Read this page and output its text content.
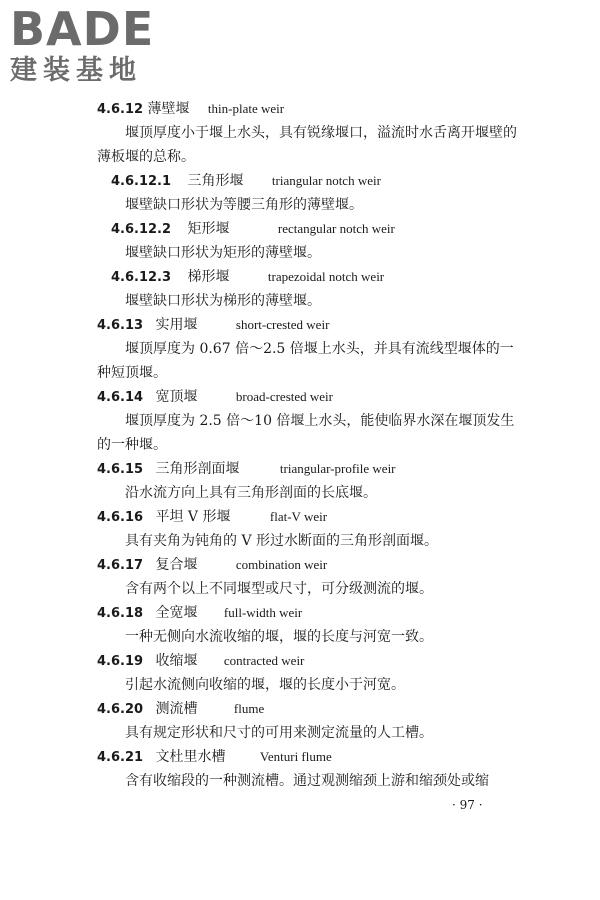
BADE
建装基地
4.6.12 薄壁堰 thin-plate weir
堰顶厚度小于堰上水头，具有锐缘堰口，溢流时水舌离开堰壁的薄板堰的总称。
4.6.12.1 三角形堰 triangular notch weir
堰壁缺口形状为等腰三角形的薄壁堰。
4.6.12.2 矩形堰	rectangular notch weir
堰壁缺口形状为矩形的薄壁堰。
4.6.12.3 梯形堰	trapezoidal notch weir
堰壁缺口形状为梯形的薄壁堰。
4.6.13 实用堰	short-crested weir
堰顶厚度为 0.67 倍～2.5 倍堰上水头，并具有流线型堰体的一种短顶堰。
4.6.14 宽顶堰	broad-crested weir
堰顶厚度为 2.5 倍～10 倍堰上水头，能使临界水深在堰顶发生的一种堰。
4.6.15 三角形剖面堰	triangular-profile weir
沿水流方向上具有三角形剖面的长底堰。
4.6.16 平坦 V 形堰	flat-V weir
具有夹角为钝角的 V 形过水断面的三角形剖面堰。
4.6.17 复合堰	combination weir
含有两个以上不同堰型或尺寸，可分级测流的堰。
4.6.18 全宽堰 full-width weir
一种无侧向水流收缩的堰，堰的长度与河宽一致。
4.6.19 收缩堰 contracted weir
引起水流侧向收缩的堰，堰的长度小于河宽。
4.6.20 测流槽	flume
具有规定形状和尺寸的可用来测定流量的人工槽。
4.6.21 文杜里水槽	Venturi flume
含有收缩段的一种测流槽。通过观测缩颈上游和缩颈处或缩
· 97 ·
